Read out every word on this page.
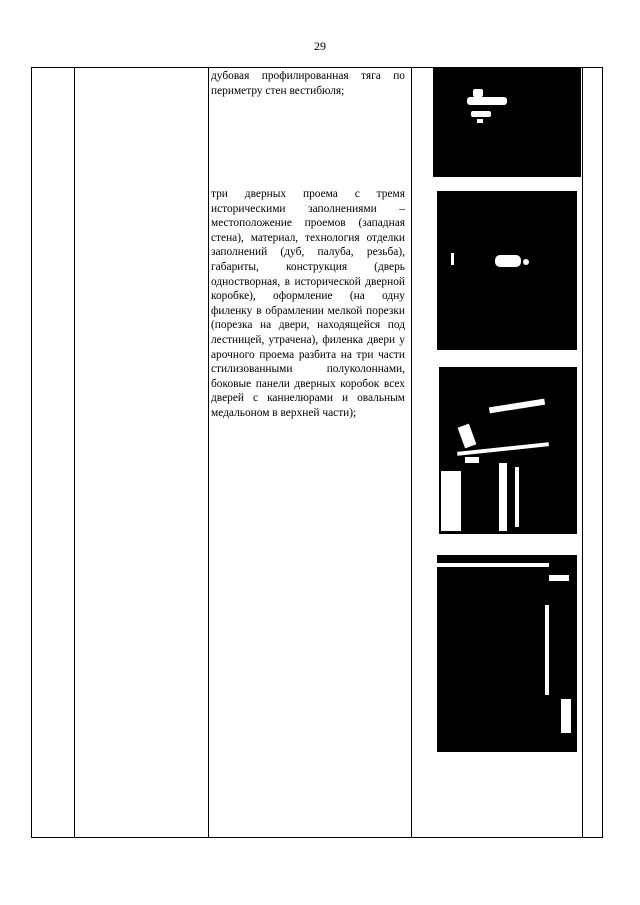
29
дубовая профилированная тяга по периметру стен вестибюля;
три дверных проема с тремя историческими заполнениями – местоположение проемов (западная стена), материал, технология отделки заполнений (дуб, палуба, резьба), габариты, конструкция (дверь одностворная, в исторической дверной коробке), оформление (на одну филенку в обрамлении мелкой порезки (порезка на двери, находящейся под лестницей, утрачена), филенка двери у арочного проема разбита на три части стилизованными полуколоннами, боковые панели дверных коробок всех дверей с каннелюрами и овальным медальоном в верхней части);
